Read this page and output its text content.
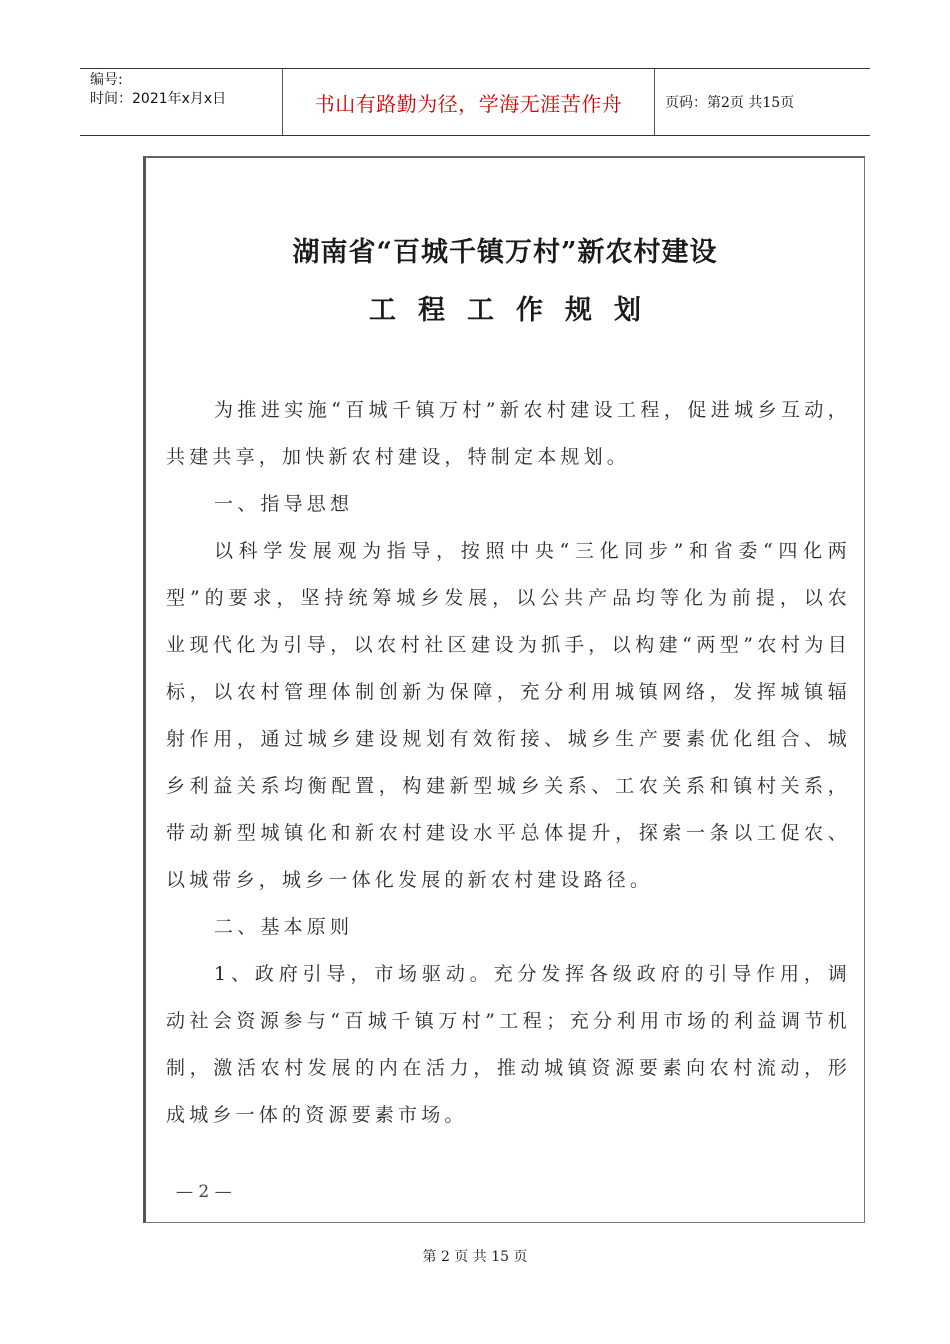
编号:
时间：2021年x月x日	书山有路勤为径，学海无涯苦作舟	页码：第2页 共15页
湖南省“百城千镇万村”新农村建设
工程工作规划

为推进实施“百城千镇万村”新农村建设工程，促进城乡互动，共建共享，加快新农村建设，特制定本规划。

一、指导思想

以科学发展观为指导，按照中央“三化同步”和省委“四化两型”的要求，坚持统筹城乡发展，以公共产品均等化为前提，以农业现代化为引导，以农村社区建设为抓手，以构建“两型”农村为目标，以农村管理体制创新为保障，充分利用城镇网络，发挥城镇辐射作用，通过城乡建设规划有效衔接、城乡生产要素优化组合、城乡利益关系均衡配置，构建新型城乡关系、工农关系和镇村关系，带动新型城镇化和新农村建设水平总体提升，探索一条以工促农、以城带乡，城乡一体化发展的新农村建设路径。

二、基本原则

1、政府引导，市场驱动。充分发挥各级政府的引导作用，调动社会资源参与“百城千镇万村”工程；充分利用市场的利益调节机制，激活农村发展的内在活力，推动城镇资源要素向农村流动，形成城乡一体的资源要素市场。

— 2 —
第 2 页 共 15 页
